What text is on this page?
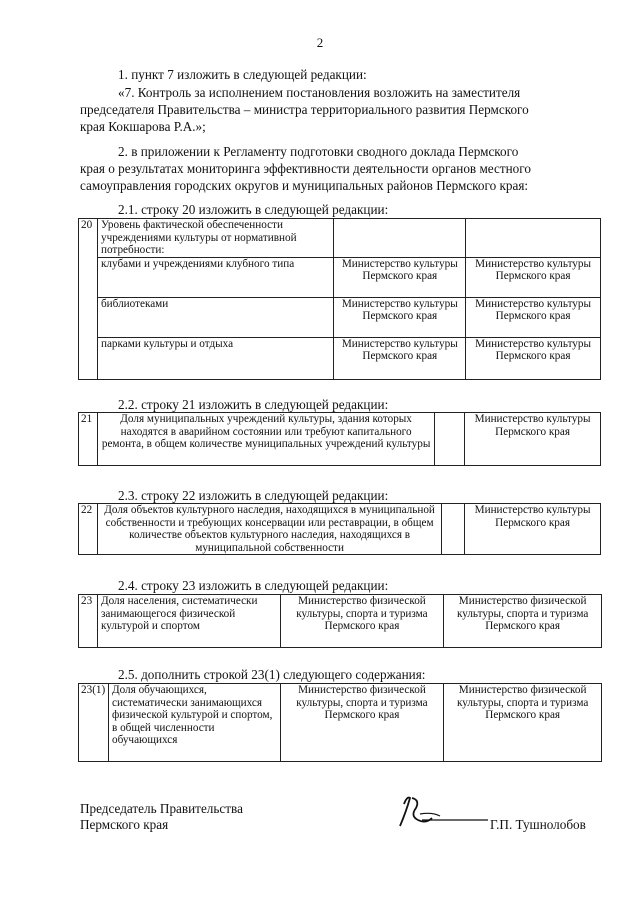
2
1. пункт 7 изложить в следующей редакции:
«7. Контроль за исполнением постановления возложить на заместителя
председателя Правительства – министра территориального развития Пермского
края Кокшарова Р.А.»;
2. в приложении к Регламенту подготовки сводного доклада Пермского
края о результатах мониторинга эффективности деятельности органов местного
самоуправления городских округов и муниципальных районов Пермского края:
2.1. строку 20 изложить в следующей редакции:
20	Уровень фактической обеспеченности учреждениями культуры от нормативной потребности:		
	клубами и учреждениями клубного типа	Министерство культуры Пермского края	Министерство культуры Пермского края
	библиотеками	Министерство культуры Пермского края	Министерство культуры Пермского края
	парками культуры и отдыха	Министерство культуры Пермского края	Министерство культуры Пермского края
2.2. строку 21 изложить в следующей редакции:
21	Доля муниципальных учреждений культуры, здания которых находятся в аварийном состоянии или требуют капитального ремонта, в общем количестве муниципальных учреждений культуры		Министерство культуры Пермского края
2.3. строку 22 изложить в следующей редакции:
22	Доля объектов культурного наследия, находящихся в муниципальной собственности и требующих консервации или реставрации, в общем количестве объектов культурного наследия, находящихся в муниципальной собственности		Министерство культуры Пермского края
2.4. строку 23 изложить в следующей редакции:
23	Доля населения, систематически занимающегося физической культурой и спортом	Министерство физической культуры, спорта и туризма Пермского края	Министерство физической культуры, спорта и туризма Пермского края
2.5. дополнить строкой 23(1) следующего содержания:
23(1)	Доля обучающихся, систематически занимающихся физической культурой и спортом, в общей численности обучающихся	Министерство физической культуры, спорта и туризма Пермского края	Министерство физической культуры, спорта и туризма Пермского края
Председатель Правительства
Пермского края	Г.П. Тушнолобов
